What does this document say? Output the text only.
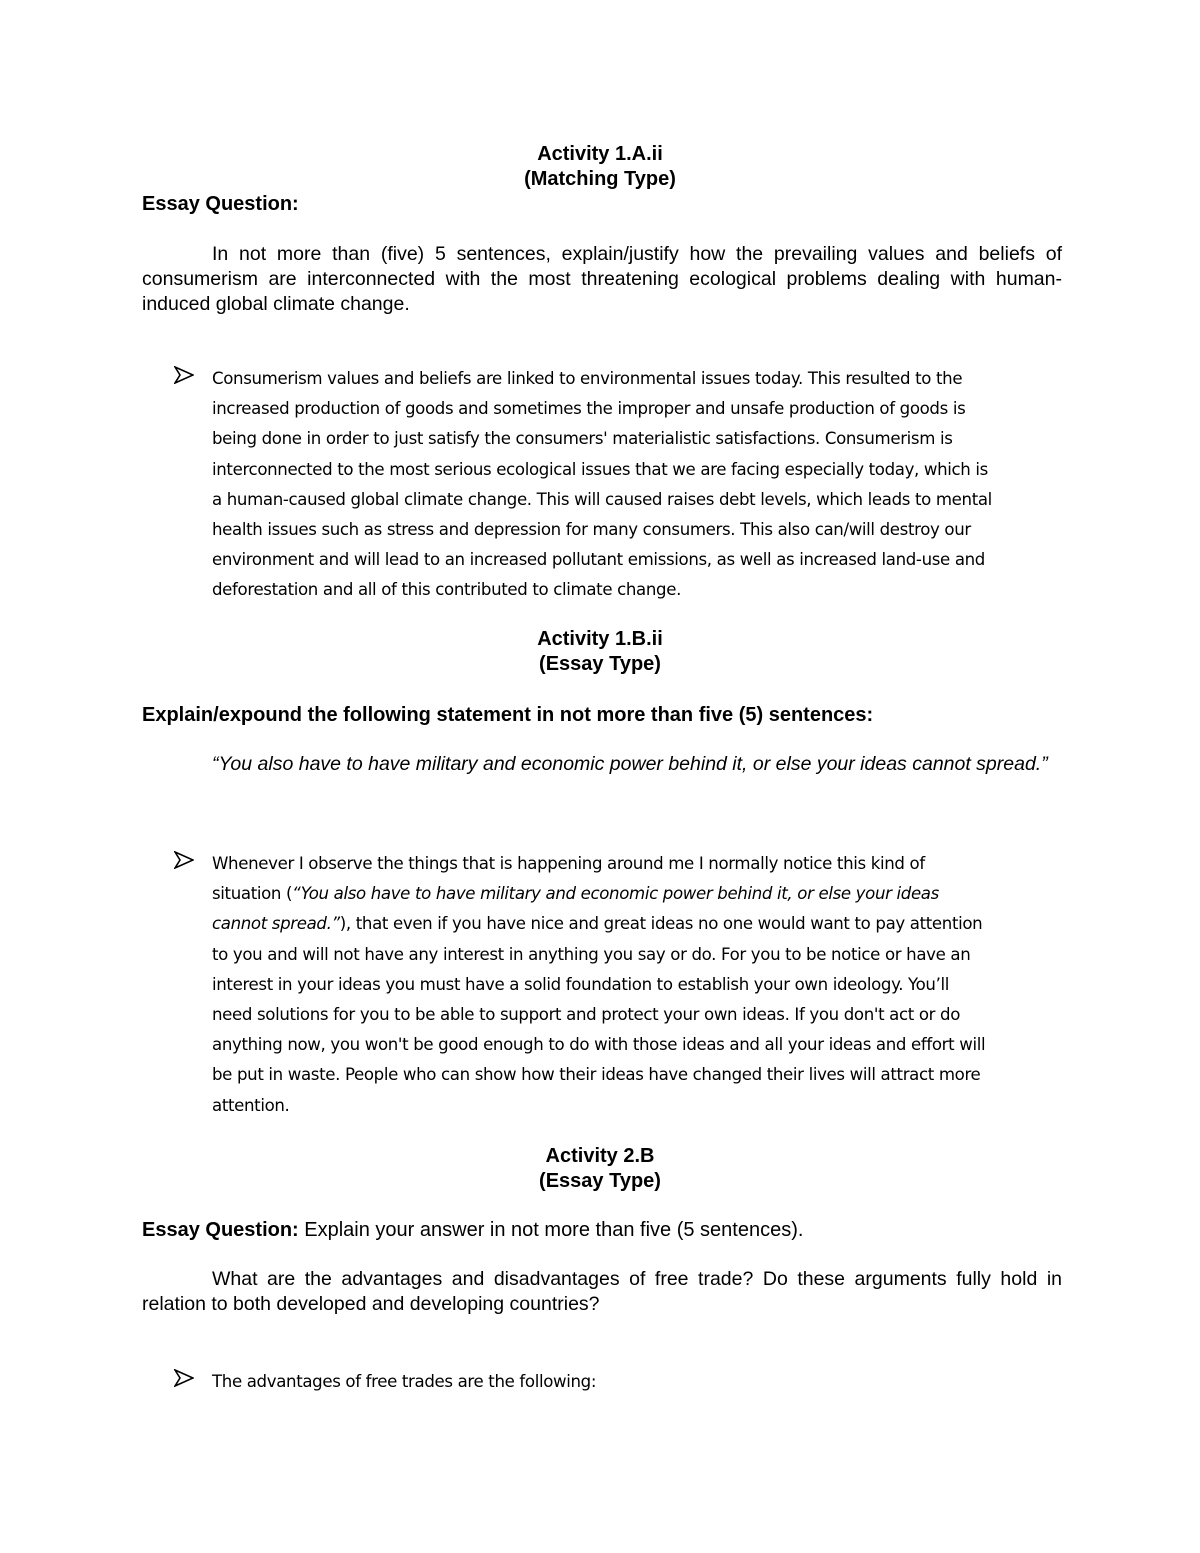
Activity 1.A.ii
(Matching Type)
Essay Question:
In not more than (five) 5 sentences, explain/justify how the prevailing values and beliefs of consumerism are interconnected with the most threatening ecological problems dealing with human-induced global climate change.
Consumerism values and beliefs are linked to environmental issues today. This resulted to the
increased production of goods and sometimes the improper and unsafe production of goods is
being done in order to just satisfy the consumers' materialistic satisfactions. Consumerism is
interconnected to the most serious ecological issues that we are facing especially today, which is
a human-caused global climate change. This will caused raises debt levels, which leads to mental
health issues such as stress and depression for many consumers. This also can/will destroy our
environment and will lead to an increased pollutant emissions, as well as increased land-use and
deforestation and all of this contributed to climate change.
Activity 1.B.ii
(Essay Type)
Explain/expound the following statement in not more than five (5) sentences:
“You also have to have military and economic power behind it, or else your ideas cannot spread.”
Whenever I observe the things that is happening around me I normally notice this kind of
situation (“You also have to have military and economic power behind it, or else your ideas
cannot spread.”), that even if you have nice and great ideas no one would want to pay attention
to you and will not have any interest in anything you say or do. For you to be notice or have an
interest in your ideas you must have a solid foundation to establish your own ideology. You’ll
need solutions for you to be able to support and protect your own ideas. If you don't act or do
anything now, you won't be good enough to do with those ideas and all your ideas and effort will
be put in waste. People who can show how their ideas have changed their lives will attract more
attention.
Activity 2.B
(Essay Type)
Essay Question: Explain your answer in not more than five (5 sentences).
What are the advantages and disadvantages of free trade? Do these arguments fully hold in relation to both developed and developing countries?
The advantages of free trades are the following:
